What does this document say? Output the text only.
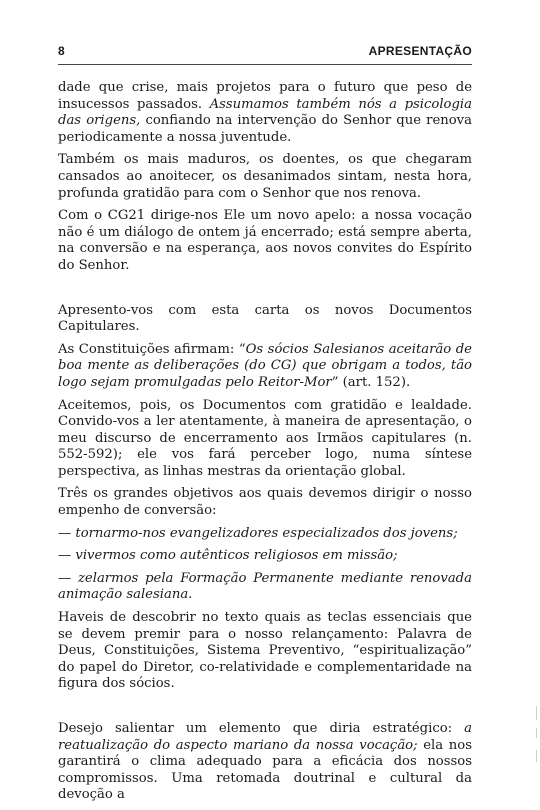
8	APRESENTAÇÃO

dade que crise, mais projetos para o futuro que peso de insucessos passados. Assumamos também nós a psicologia das origens, confiando na intervenção do Senhor que renova periodicamente a nossa juventude.

Também os mais maduros, os doentes, os que chegaram cansados ao anoitecer, os desanimados sintam, nesta hora, profunda gratidão para com o Senhor que nos renova.

Com o CG21 dirige-nos Ele um novo apelo: a nossa vocação não é um diálogo de ontem já encerrado; está sempre aberta, na conversão e na esperança, aos novos convites do Espírito do Senhor.

Apresento-vos com esta carta os novos Documentos Capitulares.

As Constituições afirmam: “Os sócios Salesianos aceitarão de boa mente as deliberações (do CG) que obrigam a todos, tão logo sejam promulgadas pelo Reitor-Mor” (art. 152).

Aceitemos, pois, os Documentos com gratidão e lealdade. Convido-vos a ler atentamente, à maneira de apresentação, o meu discurso de encerramento aos Irmãos capitulares (n. 552-592); ele vos fará perceber logo, numa síntese perspectiva, as linhas mestras da orientação global.

Três os grandes objetivos aos quais devemos dirigir o nosso empenho de conversão:

— tornarmo-nos evangelizadores especializados dos jovens;

— vivermos como autênticos religiosos em missão;

— zelarmos pela Formação Permanente mediante renovada animação salesiana.

Haveis de descobrir no texto quais as teclas essenciais que se devem premir para o nosso relançamento: Palavra de Deus, Constituições, Sistema Preventivo, “espiritualização” do papel do Diretor, co-relatividade e complementaridade na figura dos sócios.

Desejo salientar um elemento que diria estratégico: a reatualização do aspecto mariano da nossa vocação; ela nos garantirá o clima adequado para a eficácia dos nossos compromissos. Uma retomada doutrinal e cultural da devoção a
